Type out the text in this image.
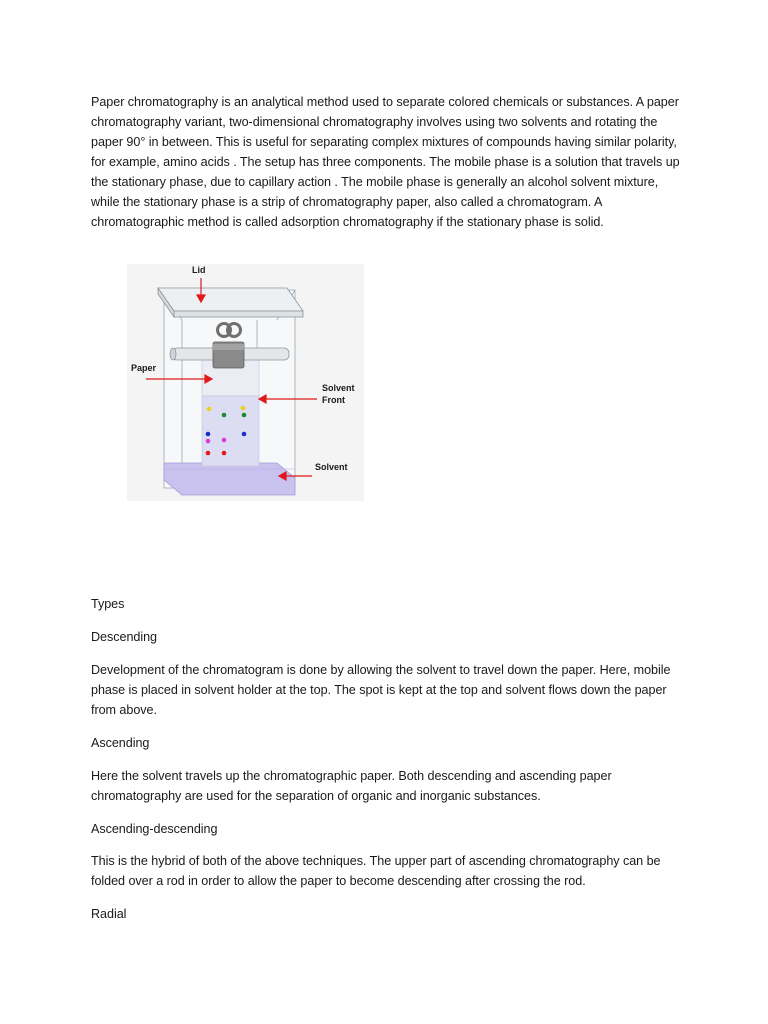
Paper chromatography is an analytical method used to separate colored chemicals or substances. A paper chromatography variant, two-dimensional chromatography involves using two solvents and rotating the paper 90° in between. This is useful for separating complex mixtures of compounds having similar polarity, for example, amino acids . The setup has three components. The mobile phase is a solution that travels up the stationary phase, due to capillary action . The mobile phase is generally an alcohol solvent mixture, while the stationary phase is a strip of chromatography paper, also called a chromatogram. A chromatographic method is called adsorption chromatography if the stationary phase is solid.

Lid
Paper
Solvent
Front
Solvent

Types

Descending

Development of the chromatogram is done by allowing the solvent to travel down the paper. Here, mobile phase is placed in solvent holder at the top. The spot is kept at the top and solvent flows down the paper from above.

Ascending

Here the solvent travels up the chromatographic paper. Both descending and ascending paper chromatography are used for the separation of organic and inorganic substances.

Ascending-descending

This is the hybrid of both of the above techniques. The upper part of ascending chromatography can be folded over a rod in order to allow the paper to become descending after crossing the rod.

Radial
